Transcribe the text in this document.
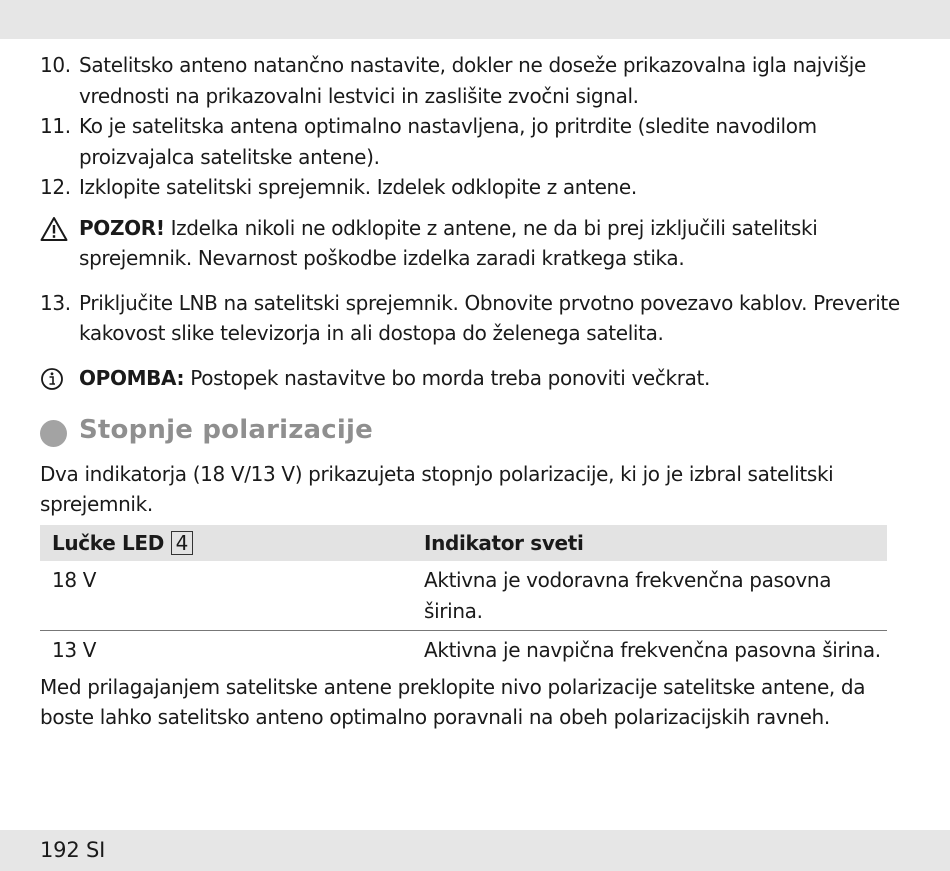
10. Satelitsko anteno natančno nastavite, dokler ne doseže prikazovalna igla najvišje vrednosti na prikazovalni lestvici in zaslišite zvočni signal.
11. Ko je satelitska antena optimalno nastavljena, jo pritrdite (sledite navodilom proizvajalca satelitske antene).
12. Izklopite satelitski sprejemnik. Izdelek odklopite z antene.
POZOR! Izdelka nikoli ne odklopite z antene, ne da bi prej izključili satelitski sprejemnik. Nevarnost poškodbe izdelka zaradi kratkega stika.
13. Priključite LNB na satelitski sprejemnik. Obnovite prvotno povezavo kablov. Preverite kakovost slike televizorja in ali dostopa do želenega satelita.
OPOMBA: Postopek nastavitve bo morda treba ponoviti večkrat.
Stopnje polarizacije
Dva indikatorja (18 V/13 V) prikazujeta stopnjo polarizacije, ki jo je izbral satelitski sprejemnik.
Lučke LED 4	Indikator sveti
18 V	Aktivna je vodoravna frekvenčna pasovna širina.
13 V	Aktivna je navpična frekvenčna pasovna širina.
Med prilagajanjem satelitske antene preklopite nivo polarizacije satelitske antene, da boste lahko satelitsko anteno optimalno poravnali na obeh polarizacijskih ravneh.
192 SI
